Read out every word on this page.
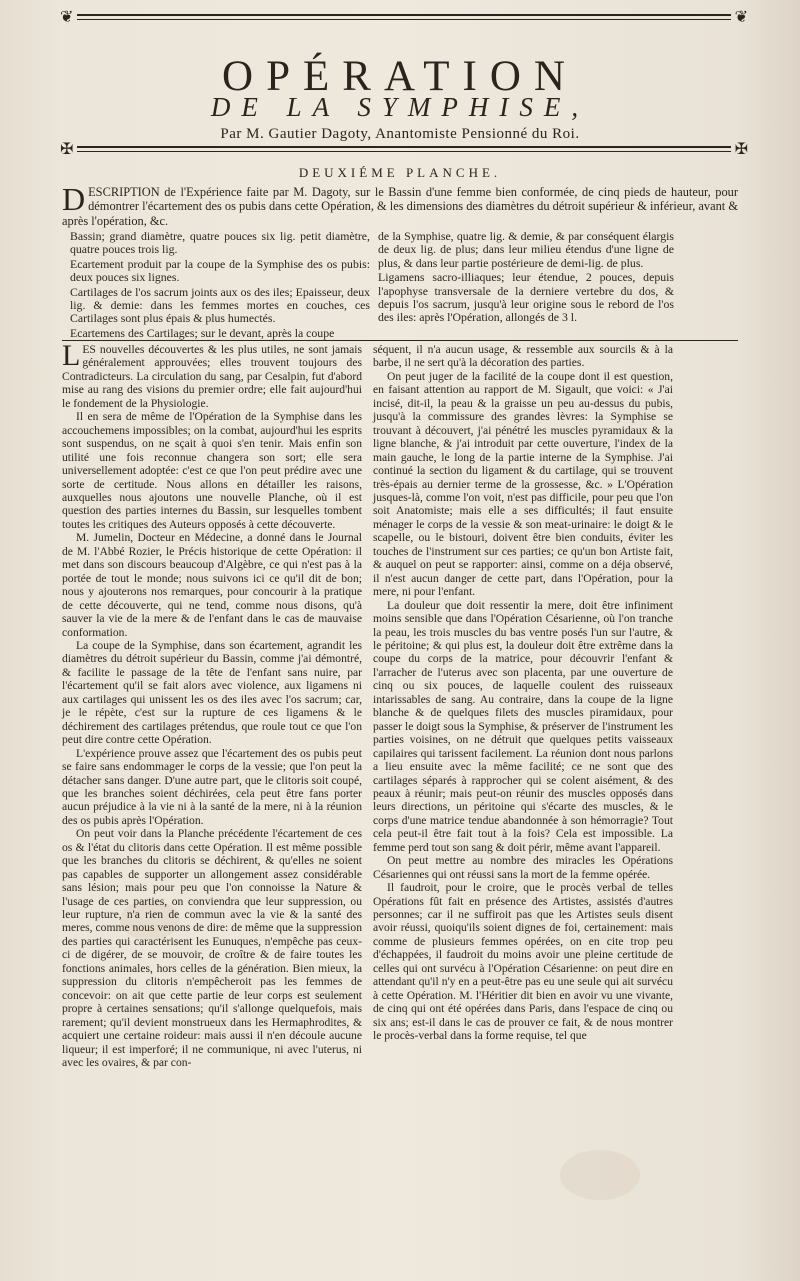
❦	❦
OPÉRATION
DE LA SYMPHISE,
Par M. Gautier Dagoty, Anantomiste Pensionné du Roi.
✠	✠
DEUXIÉME PLANCHE.
D ESCRIPTION de l'Expérience faite par M. Dagoty, sur le Bassin d'une femme bien conformée, de cinq pieds de hauteur, pour démontrer l'écartement des os pubis dans cette Opération, & les dimensions des diamètres du détroit supérieur & inférieur, avant & après l'opération, &c.

Bassin; grand diamètre, quatre pouces six lig. petit diamètre, quatre pouces trois lig.

Ecartement produit par la coupe de la Symphise des os pubis: deux pouces six lignes.

Cartilages de l'os sacrum joints aux os des iles; Epaisseur, deux lig. & demie: dans les femmes mortes en couches, ces Cartilages sont plus épais & plus humectés.

Ecartemens des Cartilages; sur le devant, après la coupe

de la Symphise, quatre lig. & demie, & par conséquent élargis de deux lig. de plus; dans leur milieu étendus d'une ligne de plus, & dans leur partie postérieure de demi-lig. de plus.

Ligamens sacro-illiaques; leur étendue, 2 pouces, depuis l'apophyse transversale de la derniere vertebre du dos, & depuis l'os sacrum, jusqu'à leur origine sous le rebord de l'os des iles: après l'Opération, allongés de 3 l.

LES nouvelles découvertes & les plus utiles, ne sont jamais généralement approuvées; elles trouvent toujours des Contradicteurs. La circulation du sang, par Cesalpin, fut d'abord mise au rang des visions du premier ordre; elle fait aujourd'hui le fondement de la Physiologie.

Il en sera de même de l'Opération de la Symphise dans les accouchemens impossibles; on la combat, aujourd'hui les esprits sont suspendus, on ne sçait à quoi s'en tenir. Mais enfin son utilité une fois reconnue changera son sort; elle sera universellement adoptée: c'est ce que l'on peut prédire avec une sorte de certitude. Nous allons en détailler les raisons, auxquelles nous ajoutons une nouvelle Planche, où il est question des parties internes du Bassin, sur lesquelles tombent toutes les critiques des Auteurs opposés à cette découverte.

M. Jumelin, Docteur en Médecine, a donné dans le Journal de M. l'Abbé Rozier, le Précis historique de cette Opération: il met dans son discours beaucoup d'Algèbre, ce qui n'est pas à la portée de tout le monde; nous suivons ici ce qu'il dit de bon; nous y ajouterons nos remarques, pour concourir à la pratique de cette découverte, qui ne tend, comme nous disons, qu'à sauver la vie de la mere & de l'enfant dans le cas de mauvaise conformation.

La coupe de la Symphise, dans son écartement, agrandit les diamètres du détroit supérieur du Bassin, comme j'ai démontré, & facilite le passage de la tête de l'enfant sans nuire, par l'écartement qu'il se fait alors avec violence, aux ligamens ni aux cartilages qui unissent les os des iles avec l'os sacrum; car, je le répète, c'est sur la rupture de ces ligamens & le déchirement des cartilages prétendus, que roule tout ce que l'on peut dire contre cette Opération.

L'expérience prouve assez que l'écartement des os pubis peut se faire sans endommager le corps de la vessie; que l'on peut la détacher sans danger. D'une autre part, que le clitoris soit coupé, que les branches soient déchirées, cela peut être fans porter aucun préjudice à la vie ni à la santé de la mere, ni à la réunion des os pubis après l'Opération.

On peut voir dans la Planche précédente l'écartement de ces os & l'état du clitoris dans cette Opération. Il est même possible que les branches du clitoris se déchirent, & qu'elles ne soient pas capables de supporter un allongement assez considérable sans lésion; mais pour peu que l'on connoisse la Nature & l'usage de ces parties, on conviendra que leur suppression, ou leur rupture, n'a rien de commun avec la vie & la santé des meres, comme nous venons de dire: de même que la suppression des parties qui caractérisent les Eunuques, n'empêche pas ceux-ci de digérer, de se mouvoir, de croître & de faire toutes les fonctions animales, hors celles de la génération. Bien mieux, la suppression du clitoris n'empêcheroit pas les femmes de concevoir: on ait que cette partie de leur corps est seulement propre à certaines sensations; qu'il s'allonge quelquefois, mais rarement; qu'il devient monstrueux dans les Hermaphrodites, & acquiert une certaine roideur: mais aussi il n'en découle aucune liqueur; il est imperforé; il ne communique, ni avec l'uterus, ni avec les ovaires, & par con-

séquent, il n'a aucun usage, & ressemble aux sourcils & à la barbe, il ne sert qu'à la décoration des parties.

On peut juger de la facilité de la coupe dont il est question, en faisant attention au rapport de M. Sigault, que voici: « J'ai incisé, dit-il, la peau & la graisse un peu au-dessus du pubis, jusqu'à la commissure des grandes lèvres: la Symphise se trouvant à découvert, j'ai pénétré les muscles pyramidaux & la ligne blanche, & j'ai introduit par cette ouverture, l'index de la main gauche, le long de la partie interne de la Symphise. J'ai continué la section du ligament & du cartilage, qui se trouvent très-épais au dernier terme de la grossesse, &c. » L'Opération jusques-là, comme l'on voit, n'est pas difficile, pour peu que l'on soit Anatomiste; mais elle a ses difficultés; il faut ensuite ménager le corps de la vessie & son meat-urinaire: le doigt & le scapelle, ou le bistouri, doivent être bien conduits, éviter les touches de l'instrument sur ces parties; ce qu'un bon Artiste fait, & auquel on peut se rapporter: ainsi, comme on a déja observé, il n'est aucun danger de cette part, dans l'Opération, pour la mere, ni pour l'enfant.

La douleur que doit ressentir la mere, doit être infiniment moins sensible que dans l'Opération Césarienne, où l'on tranche la peau, les trois muscles du bas ventre posés l'un sur l'autre, & le péritoine; & qui plus est, la douleur doit être extrême dans la coupe du corps de la matrice, pour découvrir l'enfant & l'arracher de l'uterus avec son placenta, par une ouverture de cinq ou six pouces, de laquelle coulent des ruisseaux intarissables de sang. Au contraire, dans la coupe de la ligne blanche & de quelques filets des muscles piramidaux, pour passer le doigt sous la Symphise, & préserver de l'instrument les parties voisines, on ne détruit que quelques petits vaisseaux capilaires qui tarissent facilement. La réunion dont nous parlons a lieu ensuite avec la même facilité; ce ne sont que des cartilages séparés à rapprocher qui se colent aisément, & des peaux à réunir; mais peut-on réunir des muscles opposés dans leurs directions, un péritoine qui s'écarte des muscles, & le corps d'une matrice tendue abandonnée à son hémorragie? Tout cela peut-il être fait tout à la fois? Cela est impossible. La femme perd tout son sang & doit périr, même avant l'appareil.

On peut mettre au nombre des miracles les Opérations Césariennes qui ont réussi sans la mort de la femme opérée.

Il faudroit, pour le croire, que le procès verbal de telles Opérations fût fait en présence des Artistes, assistés d'autres personnes; car il ne suffiroit pas que les Artistes seuls disent avoir réussi, quoiqu'ils soient dignes de foi, certainement: mais comme de plusieurs femmes opérées, on en cite trop peu d'échappées, il faudroit du moins avoir une pleine certitude de celles qui ont survécu à l'Opération Césarienne: on peut dire en attendant qu'il n'y en a peut-être pas eu une seule qui ait survécu à cette Opération. M. l'Héritier dit bien en avoir vu une vivante, de cinq qui ont été opérées dans Paris, dans l'espace de cinq ou six ans; est-il dans le cas de prouver ce fait, & de nous montrer le procès-verbal dans la forme requise, tel que
